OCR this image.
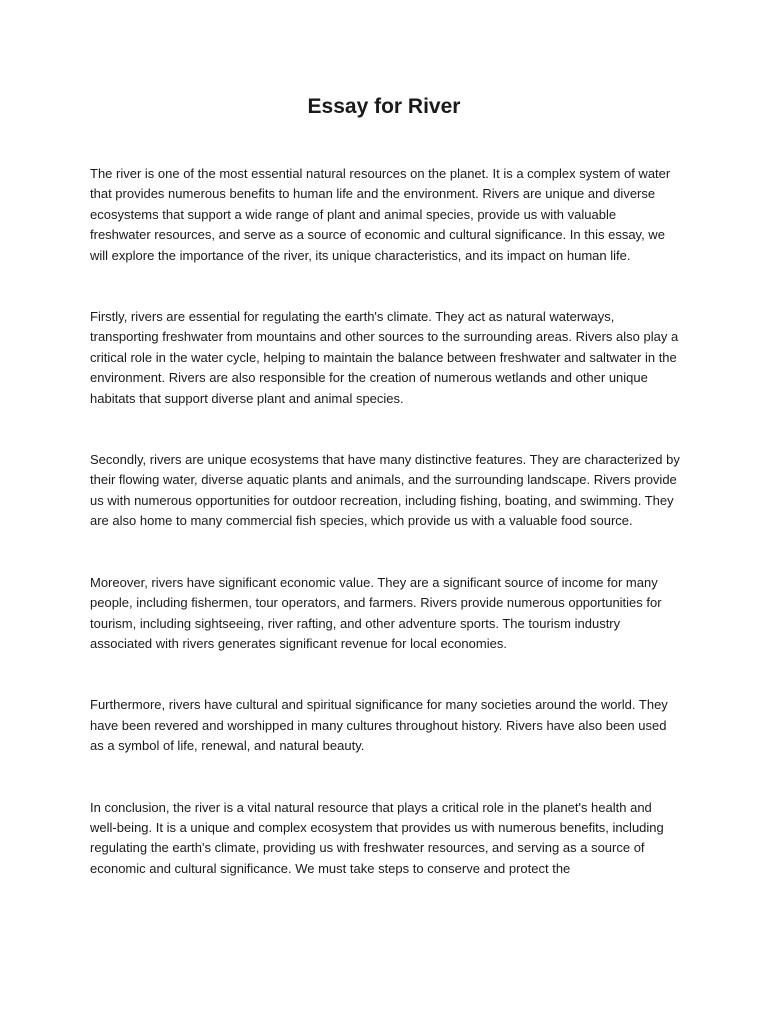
Essay for River

The river is one of the most essential natural resources on the planet. It is a complex system of water that provides numerous benefits to human life and the environment. Rivers are unique and diverse ecosystems that support a wide range of plant and animal species, provide us with valuable freshwater resources, and serve as a source of economic and cultural significance. In this essay, we will explore the importance of the river, its unique characteristics, and its impact on human life.

Firstly, rivers are essential for regulating the earth's climate. They act as natural waterways, transporting freshwater from mountains and other sources to the surrounding areas. Rivers also play a critical role in the water cycle, helping to maintain the balance between freshwater and saltwater in the environment. Rivers are also responsible for the creation of numerous wetlands and other unique habitats that support diverse plant and animal species.

Secondly, rivers are unique ecosystems that have many distinctive features. They are characterized by their flowing water, diverse aquatic plants and animals, and the surrounding landscape. Rivers provide us with numerous opportunities for outdoor recreation, including fishing, boating, and swimming. They are also home to many commercial fish species, which provide us with a valuable food source.

Moreover, rivers have significant economic value. They are a significant source of income for many people, including fishermen, tour operators, and farmers. Rivers provide numerous opportunities for tourism, including sightseeing, river rafting, and other adventure sports. The tourism industry associated with rivers generates significant revenue for local economies.

Furthermore, rivers have cultural and spiritual significance for many societies around the world. They have been revered and worshipped in many cultures throughout history. Rivers have also been used as a symbol of life, renewal, and natural beauty.

In conclusion, the river is a vital natural resource that plays a critical role in the planet's health and well-being. It is a unique and complex ecosystem that provides us with numerous benefits, including regulating the earth's climate, providing us with freshwater resources, and serving as a source of economic and cultural significance. We must take steps to conserve and protect the
